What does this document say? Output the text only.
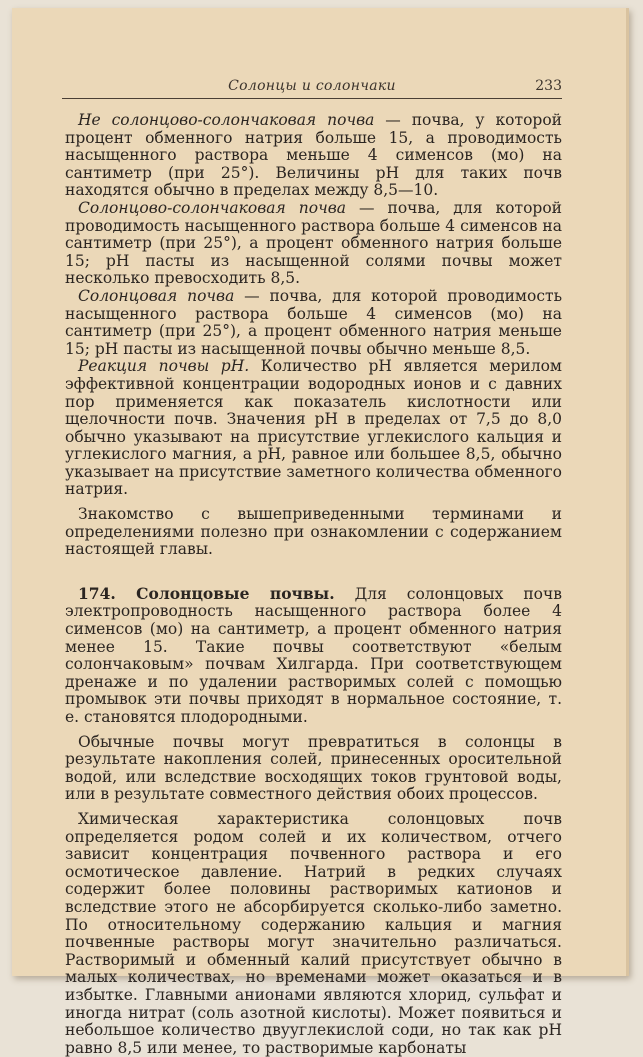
Солонцы и солончаки	233

Не солонцово-солончаковая почва — почва, у которой процент обменного натрия больше 15, а проводимость насыщенного раствора меньше 4 сименсов (мо) на сантиметр (при 25°). Величины pH для таких почв находятся обычно в пределах между 8,5—10.

Солонцово-солончаковая почва — почва, для которой проводимость насыщенного раствора больше 4 сименсов на сантиметр (при 25°), а процент обменного натрия больше 15; pH пасты из насыщенной солями почвы может несколько превосходить 8,5.

Солонцовая почва — почва, для которой проводимость насыщенного раствора больше 4 сименсов (мо) на сантиметр (при 25°), а процент обменного натрия меньше 15; pH пасты из насыщенной почвы обычно меньше 8,5.

Реакция почвы pH. Количество pH является мерилом эффективной концентрации водородных ионов и с давних пор применяется как показатель кислотности или щелочности почв. Значения pH в пределах от 7,5 до 8,0 обычно указывают на присутствие углекислого кальция и углекислого магния, а pH, равное или большее 8,5, обычно указывает на присутствие заметного количества обменного натрия.

Знакомство с вышеприведенными терминами и определениями полезно при ознакомлении с содержанием настоящей главы.

174. Солонцовые почвы. Для солонцовых почв электропроводность насыщенного раствора более 4 сименсов (мо) на сантиметр, а процент обменного натрия менее 15. Такие почвы соответствуют «белым солончаковым» почвам Хилгарда. При соответствующем дренаже и по удалении растворимых солей с помощью промывок эти почвы приходят в нормальное состояние, т. е. становятся плодородными.

Обычные почвы могут превратиться в солонцы в результате накопления солей, принесенных оросительной водой, или вследствие восходящих токов грунтовой воды, или в результате совместного действия обоих процессов.

Химическая характеристика солонцовых почв определяется родом солей и их количеством, отчего зависит концентрация почвенного раствора и его осмотическое давление. Натрий в редких случаях содержит более половины растворимых катионов и вследствие этого не абсорбируется сколько-либо заметно. По относительному содержанию кальция и магния почвенные растворы могут значительно различаться. Растворимый и обменный калий присутствует обычно в малых количествах, но временами может оказаться и в избытке. Главными анионами являются хлорид, сульфат и иногда нитрат (соль азотной кислоты). Может появиться и небольшое количество двууглекислой соди, но так как pH равно 8,5 или менее, то растворимые карбонаты
